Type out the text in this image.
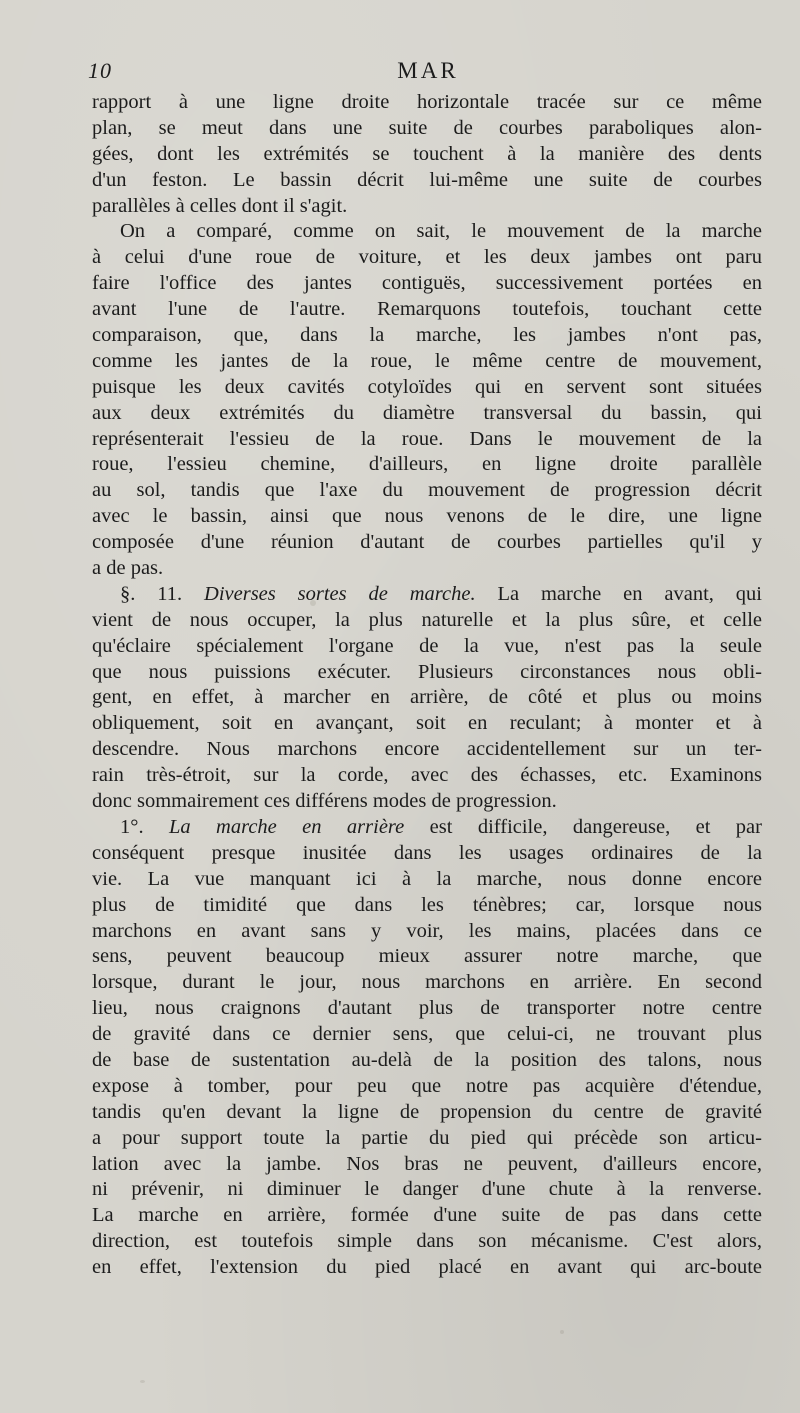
10	MAR
rapport à une ligne droite horizontale tracée sur ce même
plan, se meut dans une suite de courbes paraboliques alon-
gées, dont les extrémités se touchent à la manière des dents
d'un feston. Le bassin décrit lui-même une suite de courbes
parallèles à celles dont il s'agit.
On a comparé, comme on sait, le mouvement de la marche
à celui d'une roue de voiture, et les deux jambes ont paru
faire l'office des jantes contiguës, successivement portées en
avant l'une de l'autre. Remarquons toutefois, touchant cette
comparaison, que, dans la marche, les jambes n'ont pas,
comme les jantes de la roue, le même centre de mouvement,
puisque les deux cavités cotyloïdes qui en servent sont situées
aux deux extrémités du diamètre transversal du bassin, qui
représenterait l'essieu de la roue. Dans le mouvement de la
roue, l'essieu chemine, d'ailleurs, en ligne droite parallèle
au sol, tandis que l'axe du mouvement de progression décrit
avec le bassin, ainsi que nous venons de le dire, une ligne
composée d'une réunion d'autant de courbes partielles qu'il y
a de pas.
§. 11. Diverses sortes de marche. La marche en avant, qui
vient de nous occuper, la plus naturelle et la plus sûre, et celle
qu'éclaire spécialement l'organe de la vue, n'est pas la seule
que nous puissions exécuter. Plusieurs circonstances nous obli-
gent, en effet, à marcher en arrière, de côté et plus ou moins
obliquement, soit en avançant, soit en reculant; à monter et à
descendre. Nous marchons encore accidentellement sur un ter-
rain très-étroit, sur la corde, avec des échasses, etc. Examinons
donc sommairement ces différens modes de progression.
1°. La marche en arrière est difficile, dangereuse, et par
conséquent presque inusitée dans les usages ordinaires de la
vie. La vue manquant ici à la marche, nous donne encore
plus de timidité que dans les ténèbres; car, lorsque nous
marchons en avant sans y voir, les mains, placées dans ce
sens, peuvent beaucoup mieux assurer notre marche, que
lorsque, durant le jour, nous marchons en arrière. En second
lieu, nous craignons d'autant plus de transporter notre centre
de gravité dans ce dernier sens, que celui-ci, ne trouvant plus
de base de sustentation au-delà de la position des talons, nous
expose à tomber, pour peu que notre pas acquière d'étendue,
tandis qu'en devant la ligne de propension du centre de gravité
a pour support toute la partie du pied qui précède son articu-
lation avec la jambe. Nos bras ne peuvent, d'ailleurs encore,
ni prévenir, ni diminuer le danger d'une chute à la renverse.
La marche en arrière, formée d'une suite de pas dans cette
direction, est toutefois simple dans son mécanisme. C'est alors,
en effet, l'extension du pied placé en avant qui arc-boute
